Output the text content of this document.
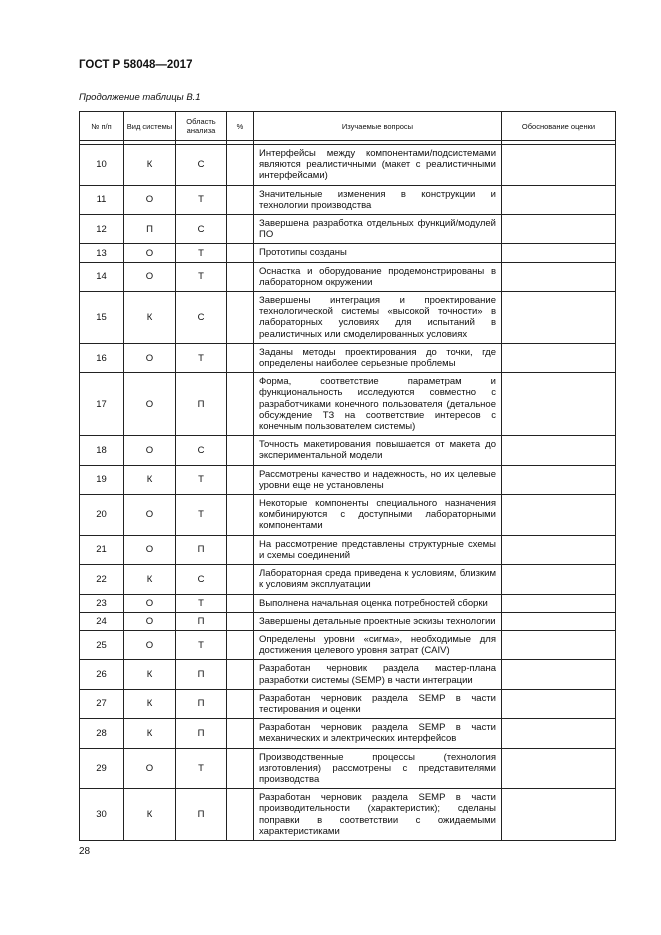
ГОСТ Р 58048—2017
Продолжение таблицы В.1
№ п/п	Вид системы	Область анализа	%	Изучаемые вопросы	Обоснование оценки

10	К	С		Интерфейсы между компонентами/подсистемами являются реалистичными (макет с реалистичными интерфейсами)	
11	О	Т		Значительные изменения в конструкции и технологии производства	
12	П	С		Завершена разработка отдельных функций/модулей ПО	
13	О	Т		Прототипы созданы	
14	О	Т		Оснастка и оборудование продемонстрированы в лабораторном окружении	
15	К	С		Завершены интеграция и проектирование технологической системы «высокой точности» в лабораторных условиях для испытаний в реалистичных или смоделированных условиях	
16	О	Т		Заданы методы проектирования до точки, где определены наиболее серьезные проблемы	
17	О	П		Форма, соответствие параметрам и функциональность исследуются совместно с разработчиками конечного пользователя (детальное обсуждение ТЗ на соответствие интересов с конечным пользователем системы)	
18	О	С		Точность макетирования повышается от макета до экспериментальной модели	
19	К	Т		Рассмотрены качество и надежность, но их целевые уровни еще не установлены	
20	О	Т		Некоторые компоненты специального назначения комбинируются с доступными лабораторными компонентами	
21	О	П		На рассмотрение представлены структурные схемы и схемы соединений	
22	К	С		Лабораторная среда приведена к условиям, близким к условиям эксплуатации	
23	О	Т		Выполнена начальная оценка потребностей сборки	
24	О	П		Завершены детальные проектные эскизы технологии	
25	О	Т		Определены уровни «сигма», необходимые для достижения целевого уровня затрат (CAIV)	
26	К	П		Разработан черновик раздела мастер-плана разработки системы (SEMP) в части интеграции	
27	К	П		Разработан черновик раздела SEMP в части тестирования и оценки	
28	К	П		Разработан черновик раздела SEMP в части механических и электрических интерфейсов	
29	О	Т		Производственные процессы (технология изготовления) рассмотрены с представителями производства	
30	К	П		Разработан черновик раздела SEMP в части производительности (характеристик); сделаны поправки в соответствии с ожидаемыми характеристиками	
28
